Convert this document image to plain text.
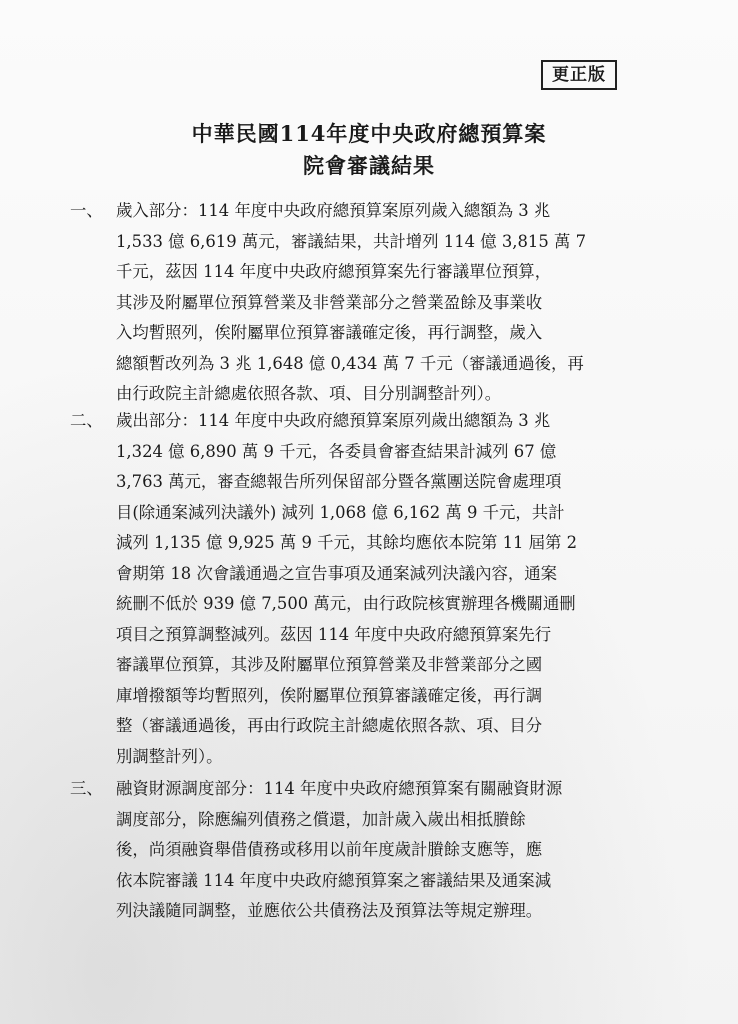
更正版
中華民國114年度中央政府總預算案
院會審議結果
一、 歲入部分：114 年度中央政府總預算案原列歲入總額為 3 兆
1,533 億 6,619 萬元，審議結果，共計增列 114 億 3,815 萬 7
千元，茲因 114 年度中央政府總預算案先行審議單位預算，
其涉及附屬單位預算營業及非營業部分之營業盈餘及事業收
入均暫照列，俟附屬單位預算審議確定後，再行調整，歲入
總額暫改列為 3 兆 1,648 億 0,434 萬 7 千元（審議通過後，再
由行政院主計總處依照各款、項、目分別調整計列）。
二、 歲出部分：114 年度中央政府總預算案原列歲出總額為 3 兆
1,324 億 6,890 萬 9 千元，各委員會審查結果計減列 67 億
3,763 萬元，審查總報告所列保留部分暨各黨團送院會處理項
目(除通案減列決議外) 減列 1,068 億 6,162 萬 9 千元，共計
減列 1,135 億 9,925 萬 9 千元，其餘均應依本院第 11 屆第 2
會期第 18 次會議通過之宣告事項及通案減列決議內容，通案
統刪不低於 939 億 7,500 萬元，由行政院核實辦理各機關通刪
項目之預算調整減列。茲因 114 年度中央政府總預算案先行
審議單位預算，其涉及附屬單位預算營業及非營業部分之國
庫增撥額等均暫照列，俟附屬單位預算審議確定後，再行調
整（審議通過後，再由行政院主計總處依照各款、項、目分
別調整計列）。
三、 融資財源調度部分：114 年度中央政府總預算案有關融資財源
調度部分，除應編列債務之償還，加計歲入歲出相抵賸餘
後，尚須融資舉借債務或移用以前年度歲計賸餘支應等，應
依本院審議 114 年度中央政府總預算案之審議結果及通案減
列決議隨同調整，並應依公共債務法及預算法等規定辦理。
